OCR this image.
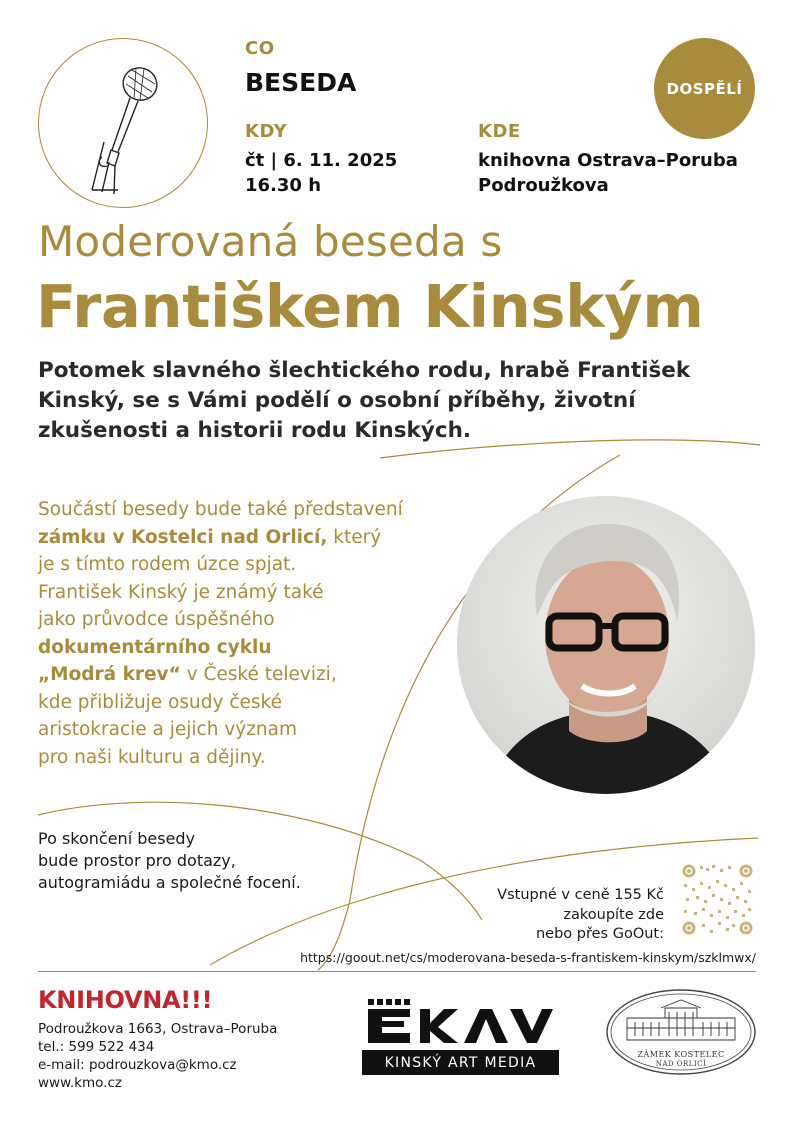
CO
BESEDA
KDY
čt | 6. 11. 2025
16.30 h
KDE
knihovna Ostrava–Poruba
Podroužkova
DOSPĚLÍ
Moderovaná beseda s
Františkem Kinským
Potomek slavného šlechtického rodu, hrabě František Kinský, se s Vámi podělí o osobní příběhy, životní zkušenosti a historii rodu Kinských.
Součástí besedy bude také představení
zámku v Kostelci nad Orlicí, který
je s tímto rodem úzce spjat.
František Kinský je známý také
jako průvodce úspěšného
dokumentárního cyklu
„Modrá krev“ v České televizi,
kde přibližuje osudy české
aristokracie a jejich význam
pro naši kulturu a dějiny.
Po skončení besedy
bude prostor pro dotazy,
autogramiádu a společné focení.
Vstupné v ceně 155 Kč
zakoupíte zde
nebo přes GoOut:
https://goout.net/cs/moderovana-beseda-s-frantiskem-kinskym/szklmwx/
KNIHOVNA!!!
Podroužkova 1663, Ostrava–Poruba
tel.: 599 522 434
e-mail: podrouzkova@kmo.cz
www.kmo.cz
KINSKÝ ART MEDIA	ZÁMEK KOSTELEC
NAD ORLICÍ
